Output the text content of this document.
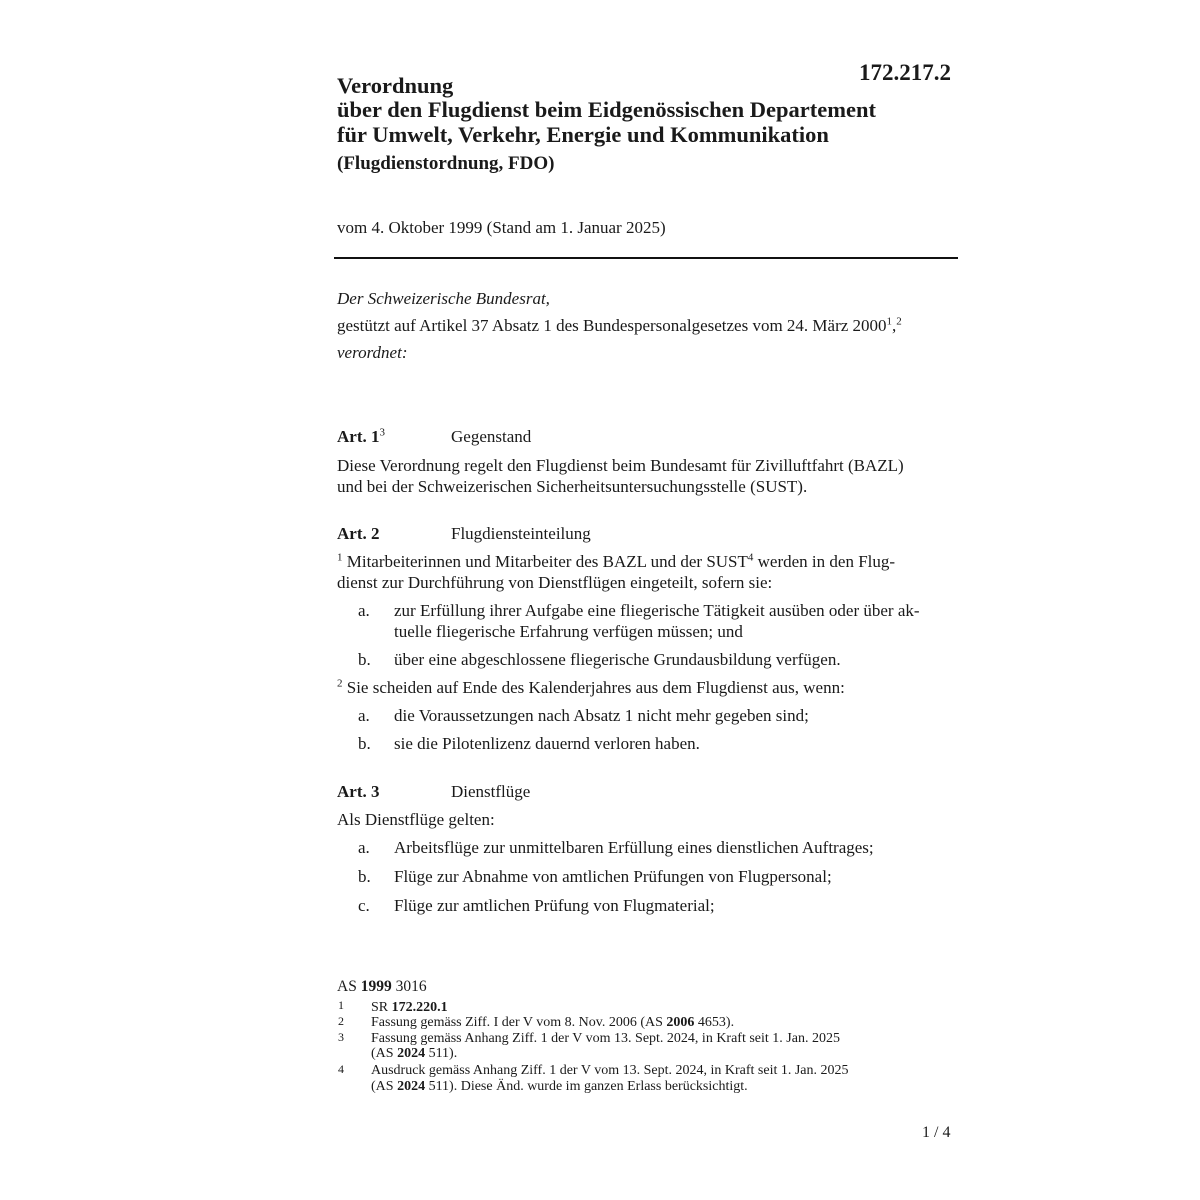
172.217.2
Verordnung
über den Flugdienst beim Eidgenössischen Departement
für Umwelt, Verkehr, Energie und Kommunikation
(Flugdienstordnung, FDO)
vom 4. Oktober 1999 (Stand am 1. Januar 2025)
Der Schweizerische Bundesrat,
gestützt auf Artikel 37 Absatz 1 des Bundespersonalgesetzes vom 24. März 2000$^1$,$^2$
verordnet:
Art. $1^3$	Gegenstand
Diese Verordnung regelt den Flugdienst beim Bundesamt für Zivilluftfahrt (BAZL)
und bei der Schweizerischen Sicherheitsuntersuchungsstelle (SUST).
Art. 2	Flugdiensteinteilung
$^1$ Mitarbeiterinnen und Mitarbeiter des BAZL und der SUST$^4$ werden in den Flug-
dienst zur Durchführung von Dienstflügen eingeteilt, sofern sie:
a. zur Erfüllung ihrer Aufgabe eine fliegerische Tätigkeit ausüben oder über ak-
tuelle fliegerische Erfahrung verfügen müssen; und
b. über eine abgeschlossene fliegerische Grundausbildung verfügen.
$^2$ Sie scheiden auf Ende des Kalenderjahres aus dem Flugdienst aus, wenn:
a. die Voraussetzungen nach Absatz 1 nicht mehr gegeben sind;
b. sie die Pilotenlizenz dauernd verloren haben.
Art. 3	Dienstflüge
Als Dienstflüge gelten:
a. Arbeitsflüge zur unmittelbaren Erfüllung eines dienstlichen Auftrages;
b. Flüge zur Abnahme von amtlichen Prüfungen von Flugpersonal;
c. Flüge zur amtlichen Prüfung von Flugmaterial;
AS 1999 3016
1 SR 172.220.1
2 Fassung gemäss Ziff. I der V vom 8. Nov. 2006 (AS 2006 4653).
3 Fassung gemäss Anhang Ziff. 1 der V vom 13. Sept. 2024, in Kraft seit 1. Jan. 2025
(AS 2024 511).
4 Ausdruck gemäss Anhang Ziff. 1 der V vom 13. Sept. 2024, in Kraft seit 1. Jan. 2025
(AS 2024 511). Diese Änd. wurde im ganzen Erlass berücksichtigt.
1 / 4
